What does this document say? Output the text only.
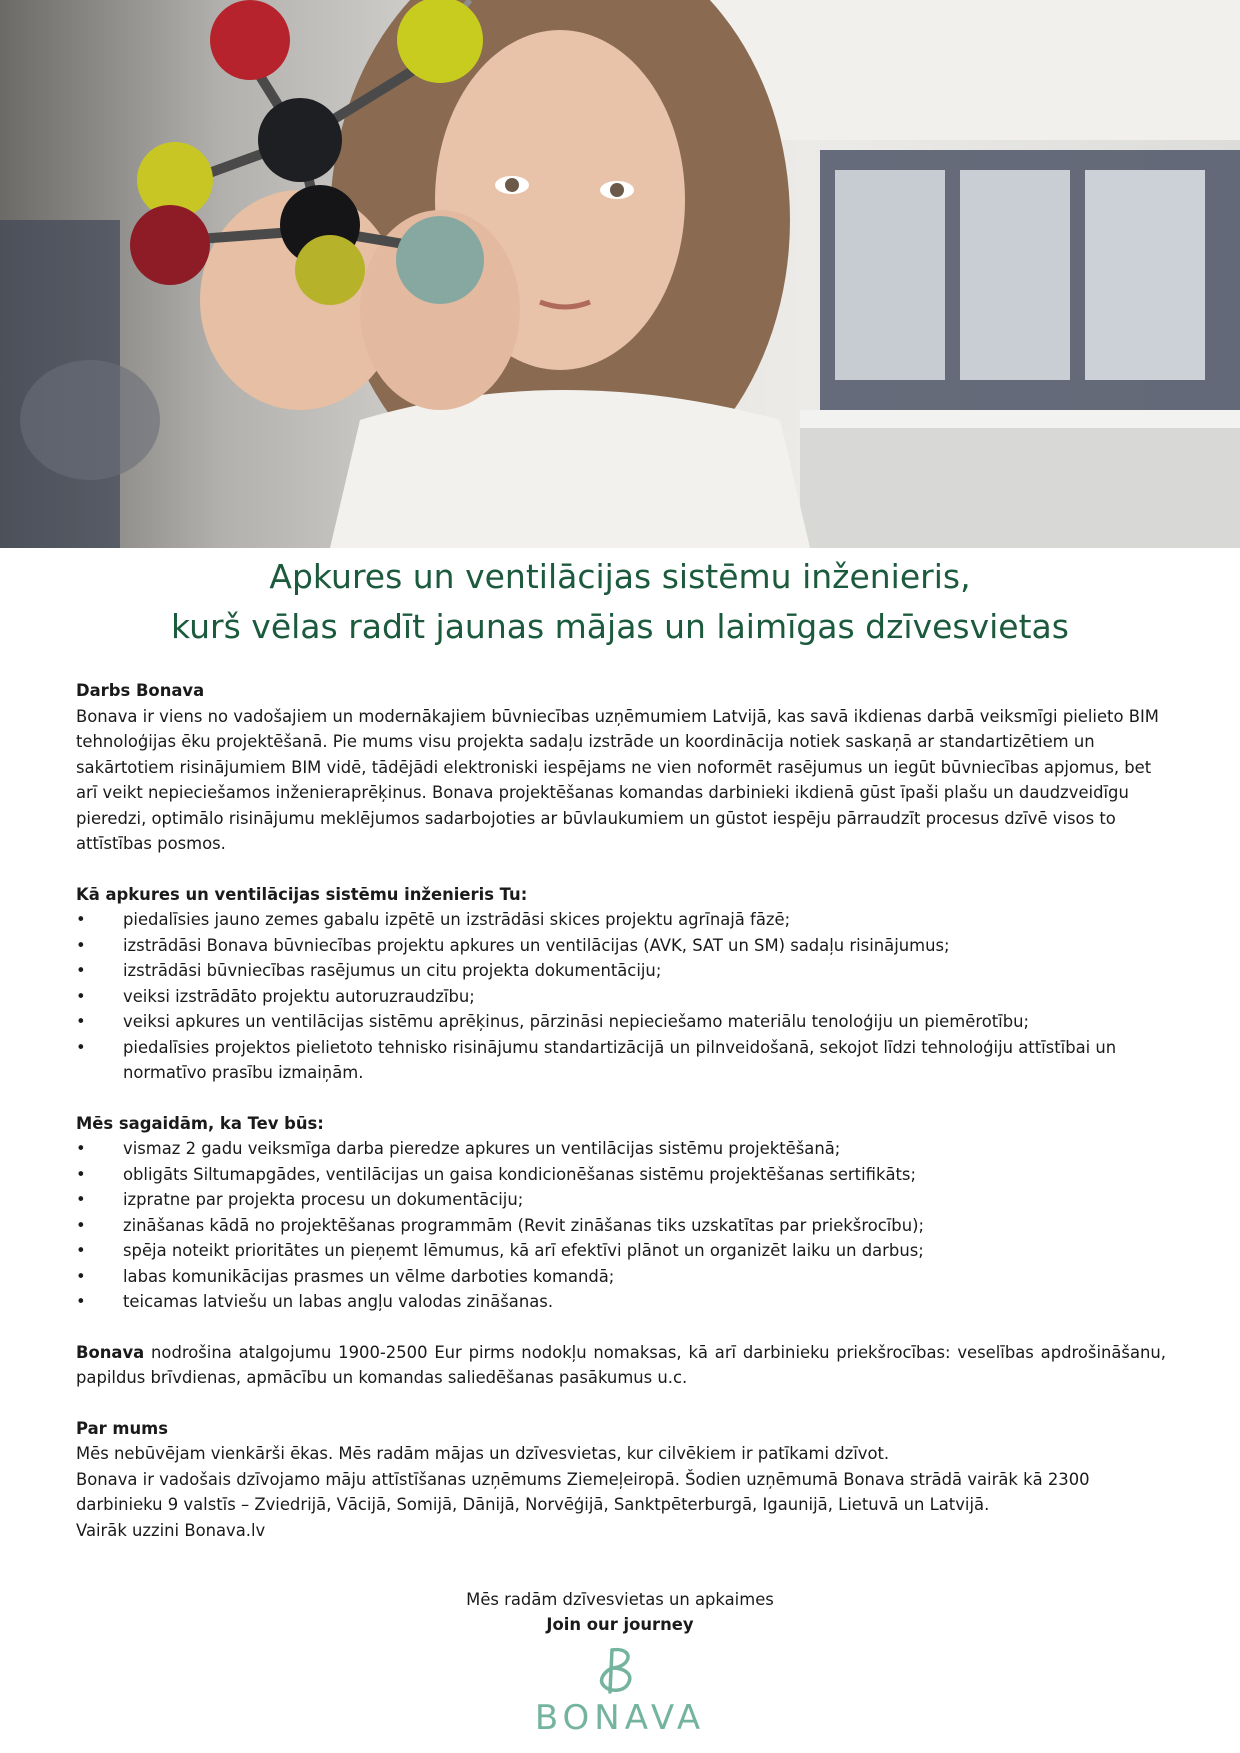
Apkures un ventilācijas sistēmu inženieris,
kurš vēlas radīt jaunas mājas un laimīgas dzīvesvietas
Darbs Bonava

Bonava ir viens no vadošajiem un modernākajiem būvniecības uzņēmumiem Latvijā, kas savā ikdienas darbā veiksmīgi pielieto BIM tehnoloģijas ēku projektēšanā. Pie mums visu projekta sadaļu izstrāde un koordinācija notiek saskaņā ar standartizētiem un sakārtotiem risinājumiem BIM vidē, tādējādi elektroniski iespējams ne vien noformēt rasējumus un iegūt būvniecības apjomus, bet arī veikt nepieciešamos inženieraprēķinus. Bonava projektēšanas komandas darbinieki ikdienā gūst īpaši plašu un daudzveidīgu pieredzi, optimālo risinājumu meklējumos sadarbojoties ar būvlaukumiem un gūstot iespēju pārraudzīt procesus dzīvē visos to attīstības posmos.

Kā apkures un ventilācijas sistēmu inženieris Tu:
• piedalīsies jauno zemes gabalu izpētē un izstrādāsi skices projektu agrīnajā fāzē;
• izstrādāsi Bonava būvniecības projektu apkures un ventilācijas (AVK, SAT un SM) sadaļu risinājumus;
• izstrādāsi būvniecības rasējumus un citu projekta dokumentāciju;
• veiksi izstrādāto projektu autoruzraudzību;
• veiksi apkures un ventilācijas sistēmu aprēķinus, pārzināsi nepieciešamo materiālu tenoloģiju un piemērotību;
• piedalīsies projektos pielietoto tehnisko risinājumu standartizācijā un pilnveidošanā, sekojot līdzi tehnoloģiju attīstībai un normatīvo prasību izmaiņām.
Mēs sagaidām, ka Tev būs:
• vismaz 2 gadu veiksmīga darba pieredze apkures un ventilācijas sistēmu projektēšanā;
• obligāts Siltumapgādes, ventilācijas un gaisa kondicionēšanas sistēmu projektēšanas sertifikāts;
• izpratne par projekta procesu un dokumentāciju;
• zināšanas kādā no projektēšanas programmām (Revit zināšanas tiks uzskatītas par priekšrocību);
• spēja noteikt prioritātes un pieņemt lēmumus, kā arī efektīvi plānot un organizēt laiku un darbus;
• labas komunikācijas prasmes un vēlme darboties komandā;
• teicamas latviešu un labas angļu valodas zināšanas.
Bonava nodrošina atalgojumu 1900-2500 Eur pirms nodokļu nomaksas, kā arī darbinieku priekšrocības: veselības apdrošināšanu, papildus brīvdienas, apmācību un komandas saliedēšanas pasākumus u.c.
Par mums
Mēs nebūvējam vienkārši ēkas. Mēs radām mājas un dzīvesvietas, kur cilvēkiem ir patīkami dzīvot.
Bonava ir vadošais dzīvojamo māju attīstīšanas uzņēmums Ziemeļeiropā. Šodien uzņēmumā Bonava strādā vairāk kā 2300 darbinieku 9 valstīs – Zviedrijā, Vācijā, Somijā, Dānijā, Norvēģijā, Sanktpēterburgā, Igaunijā, Lietuvā un Latvijā.
Vairāk uzzini Bonava.lv
Mēs radām dzīvesvietas un apkaimes
Join our journey
BONAVA
